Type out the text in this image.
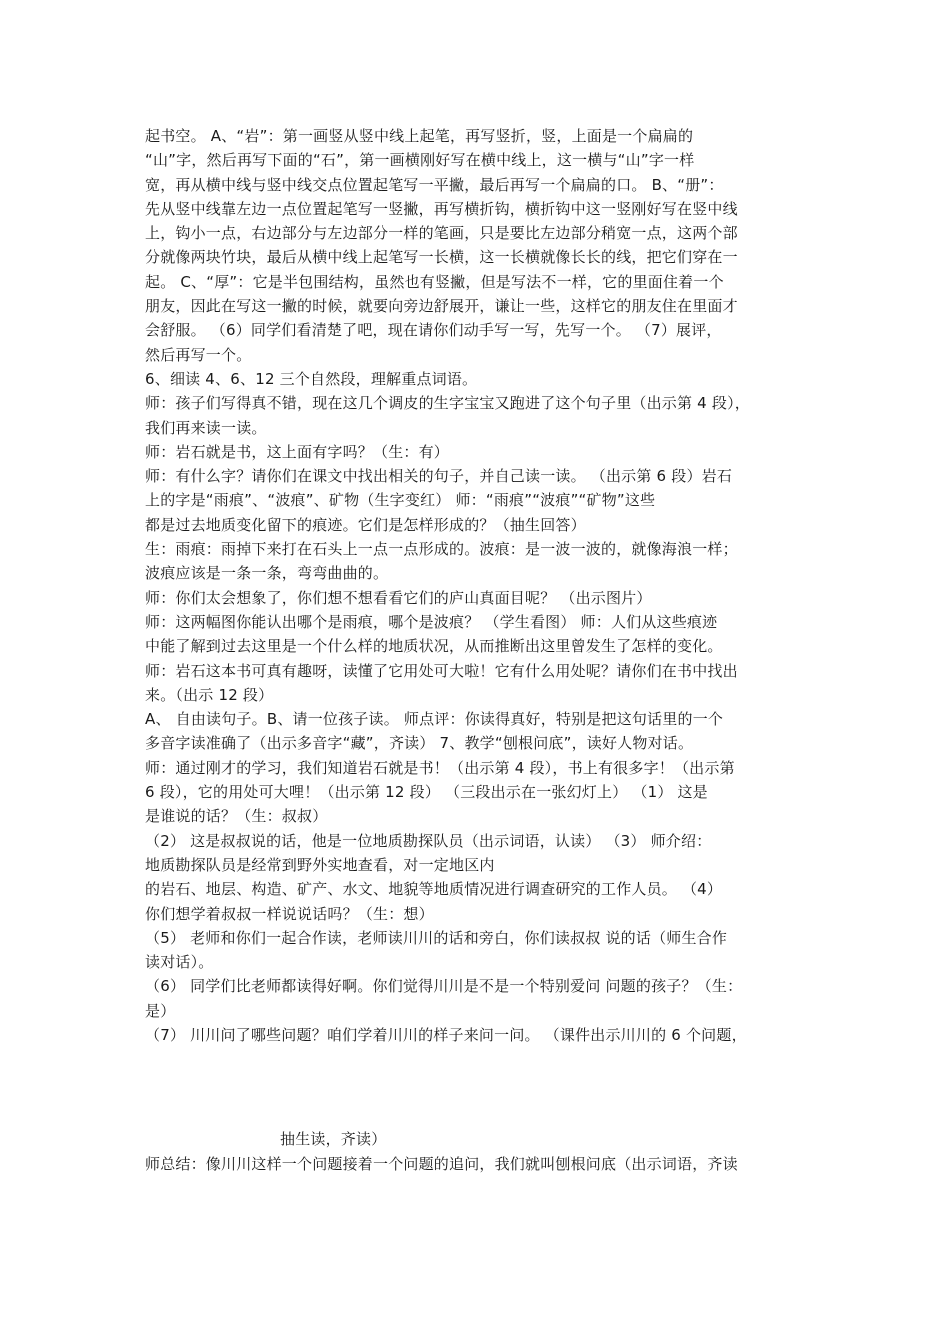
起书空。 A、“岩”：第一画竖从竖中线上起笔，再写竖折，竖，上面是一个扁扁的
“山”字，然后再写下面的“石”，第一画横刚好写在横中线上，这一横与“山”字一样
宽，再从横中线与竖中线交点位置起笔写一平撇，最后再写一个扁扁的口。 B、“册”：
先从竖中线靠左边一点位置起笔写一竖撇，再写横折钩，横折钩中这一竖刚好写在竖中线
上，钩小一点，右边部分与左边部分一样的笔画，只是要比左边部分稍宽一点，这两个部
分就像两块竹块，最后从横中线上起笔写一长横，这一长横就像长长的线，把它们穿在一
起。 C、“厚”：它是半包围结构，虽然也有竖撇，但是写法不一样，它的里面住着一个
朋友，因此在写这一撇的时候，就要向旁边舒展开，谦让一些，这样它的朋友住在里面才
会舒服。 （6）同学们看清楚了吧，现在请你们动手写一写，先写一个。 （7）展评，
然后再写一个。
6、细读 4、6、12 三个自然段，理解重点词语。
师：孩子们写得真不错，现在这几个调皮的生字宝宝又跑进了这个句子里（出示第 4 段），
我们再来读一读。
师：岩石就是书，这上面有字吗？（生：有）
师：有什么字？请你们在课文中找出相关的句子，并自己读一读。 （出示第 6 段）岩石
上的字是“雨痕”、“波痕”、矿物（生字变红） 师：“雨痕”“波痕”“矿物”这些
都是过去地质变化留下的痕迹。它们是怎样形成的？（抽生回答）
生：雨痕：雨掉下来打在石头上一点一点形成的。波痕：是一波一波的，就像海浪一样；
波痕应该是一条一条，弯弯曲曲的。
师：你们太会想象了，你们想不想看看它们的庐山真面目呢？ （出示图片）
师：这两幅图你能认出哪个是雨痕，哪个是波痕？ （学生看图） 师：人们从这些痕迹
中能了解到过去这里是一个什么样的地质状况，从而推断出这里曾发生了怎样的变化。
师：岩石这本书可真有趣呀，读懂了它用处可大啦！它有什么用处呢？请你们在书中找出
来。（出示 12 段）
A、 自由读句子。B、请一位孩子读。 师点评：你读得真好，特别是把这句话里的一个
多音字读准确了（出示多音字“藏”，齐读） 7、教学“刨根问底”，读好人物对话。
师：通过刚才的学习，我们知道岩石就是书！（出示第 4 段），书上有很多字！（出示第
6 段），它的用处可大哩！（出示第 12 段） （三段出示在一张幻灯上） （1） 这是
是谁说的话？（生：叔叔）
（2） 这是叔叔说的话，他是一位地质勘探队员（出示词语，认读） （3） 师介绍：
地质勘探队员是经常到野外实地查看，对一定地区内
的岩石、地层、构造、矿产、水文、地貌等地质情况进行调查研究的工作人员。 （4）
你们想学着叔叔一样说说话吗？（生：想）
（5） 老师和你们一起合作读，老师读川川的话和旁白，你们读叔叔 说的话（师生合作
读对话）。
（6） 同学们比老师都读得好啊。你们觉得川川是不是一个特别爱问 问题的孩子？（生：
是）
（7） 川川问了哪些问题？咱们学着川川的样子来问一问。 （课件出示川川的 6 个问题，
抽生读，齐读）
师总结：像川川这样一个问题接着一个问题的追问，我们就叫刨根问底（出示词语，齐读
